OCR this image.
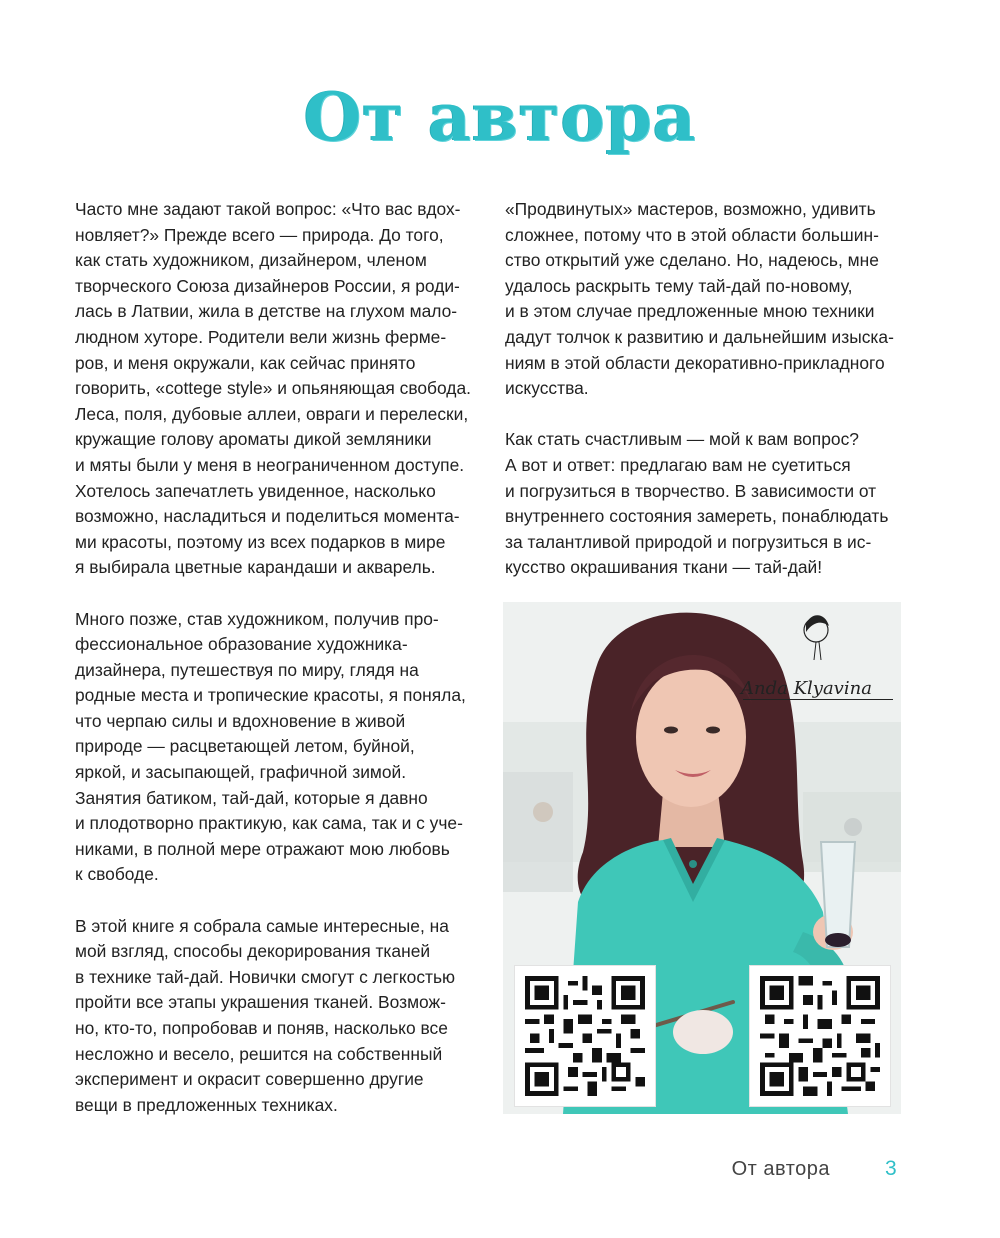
От автора

Часто мне задают такой вопрос: «Что вас вдох-
новляет?» Прежде всего — природа. До того,
как стать художником, дизайнером, членом
творческого Союза дизайнеров России, я роди-
лась в Латвии, жила в детстве на глухом мало-
людном хуторе. Родители вели жизнь фермe-
ров, и меня окружали, как сейчас принято
говорить, «cottege style» и опьяняющая свобода.
Леса, поля, дубовые аллеи, овраги и перелески,
кружащие голову ароматы дикой земляники
и мяты были у меня в неограниченном доступе.
Хотелось запечатлеть увиденное, насколько
возможно, насладиться и поделиться момента-
ми красоты, поэтому из всех подарков в мире
я выбирала цветные карандаши и акварель.

Много позже, став художником, получив про-
фессиональное образование художника-
дизайнера, путешествуя по миру, глядя на
родные места и тропические красоты, я поняла,
что черпаю силы и вдохновение в живой
природе — расцветающей летом, буйной,
яркой, и засыпающей, графичной зимой.
Занятия батиком, тай-дай, которые я давно
и плодотворно практикую, как сама, так и с уче-
никами, в полной мере отражают мою любовь
к свободе.

В этой книге я собрала самые интересные, на
мой взгляд, способы декорирования тканей
в технике тай-дай. Новички смогут с легкостью
пройти все этапы украшения тканей. Возмож-
но, кто-то, попробовав и поняв, насколько все
несложно и весело, решится на собственный
эксперимент и окрасит совершенно другие
вещи в предложенных техниках.

«Продвинутых» мастеров, возможно, удивить
сложнее, потому что в этой области большин-
ство открытий уже сделано. Но, надеюсь, мне
удалось раскрыть тему тай-дай по-новому,
и в этом случае предложенные мною техники
дадут толчок к развитию и дальнейшим изыска-
ниям в этой области декоративно-прикладного
искусства.

Как стать счастливым — мой к вам вопрос?
А вот и ответ: предлагаю вам не суетиться
и погрузиться в творчество. В зависимости от
внутреннего состояния замереть, понаблюдать
за талантливой природой и погрузиться в ис-
кусство окрашивания ткани — тай-дай!

Anda Klyavina
От автора	3
